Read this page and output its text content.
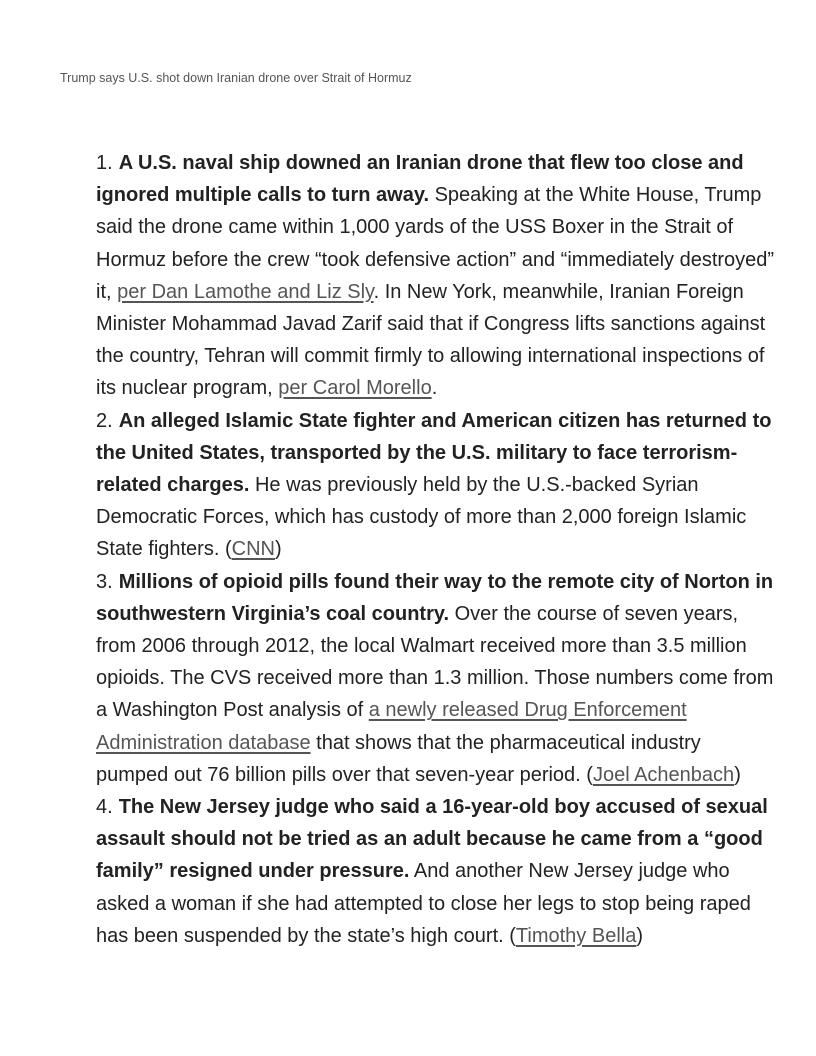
Trump says U.S. shot down Iranian drone over Strait of Hormuz

1. A U.S. naval ship downed an Iranian drone that flew too close and ignored multiple calls to turn away. Speaking at the White House, Trump said the drone came within 1,000 yards of the USS Boxer in the Strait of Hormuz before the crew “took defensive action” and “immediately destroyed” it, per Dan Lamothe and Liz Sly. In New York, meanwhile, Iranian Foreign Minister Mohammad Javad Zarif said that if Congress lifts sanctions against the country, Tehran will commit firmly to allowing international inspections of its nuclear program, per Carol Morello.

2. An alleged Islamic State fighter and American citizen has returned to the United States, transported by the U.S. military to face terrorism-related charges. He was previously held by the U.S.-backed Syrian Democratic Forces, which has custody of more than 2,000 foreign Islamic State fighters. (CNN)

3. Millions of opioid pills found their way to the remote city of Norton in southwestern Virginia’s coal country. Over the course of seven years, from 2006 through 2012, the local Walmart received more than 3.5 million opioids. The CVS received more than 1.3 million. Those numbers come from a Washington Post analysis of a newly released Drug Enforcement Administration database that shows that the pharmaceutical industry pumped out 76 billion pills over that seven-year period. (Joel Achenbach)

4. The New Jersey judge who said a 16-year-old boy accused of sexual assault should not be tried as an adult because he came from a “good family” resigned under pressure. And another New Jersey judge who asked a woman if she had attempted to close her legs to stop being raped has been suspended by the state’s high court. (Timothy Bella)
